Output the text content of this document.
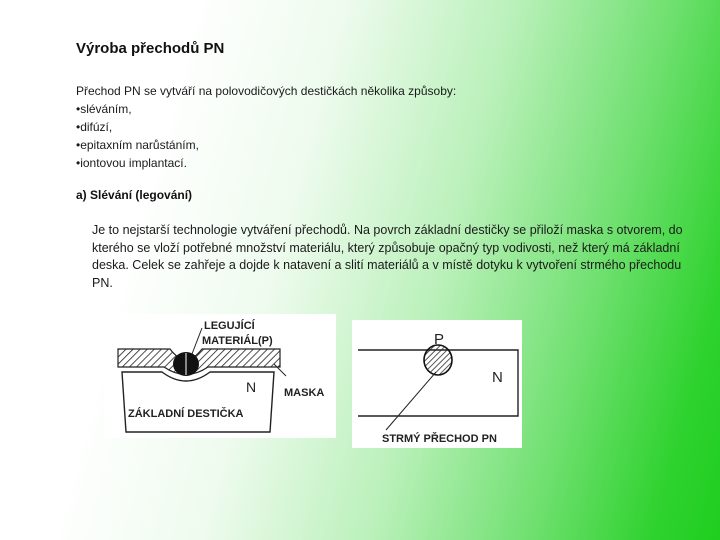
Výroba přechodů PN
Přechod PN se vytváří na polovodičových destičkách několika způsoby:
• sléváním,
• difúzí,
• epitaxním narůstáním,
• iontovou implantací.
a) Slévání (legování)
Je to nejstarší technologie vytváření přechodů. Na povrch základní destičky se přiloží maska s otvorem, do kterého se vloží potřebné množství materiálu, který způsobuje opačný typ vodivosti, než který má základní deska. Celek se zahřeje a dojde k natavení a slití materiálů a v místě dotyku k vytvoření strmého přechodu PN.
LEGUJÍCÍ
MATERIÁL(P)
N	MASKA
ZÁKLADNÍ DESTIČKA
P
N
STRMÝ PŘECHOD PN
